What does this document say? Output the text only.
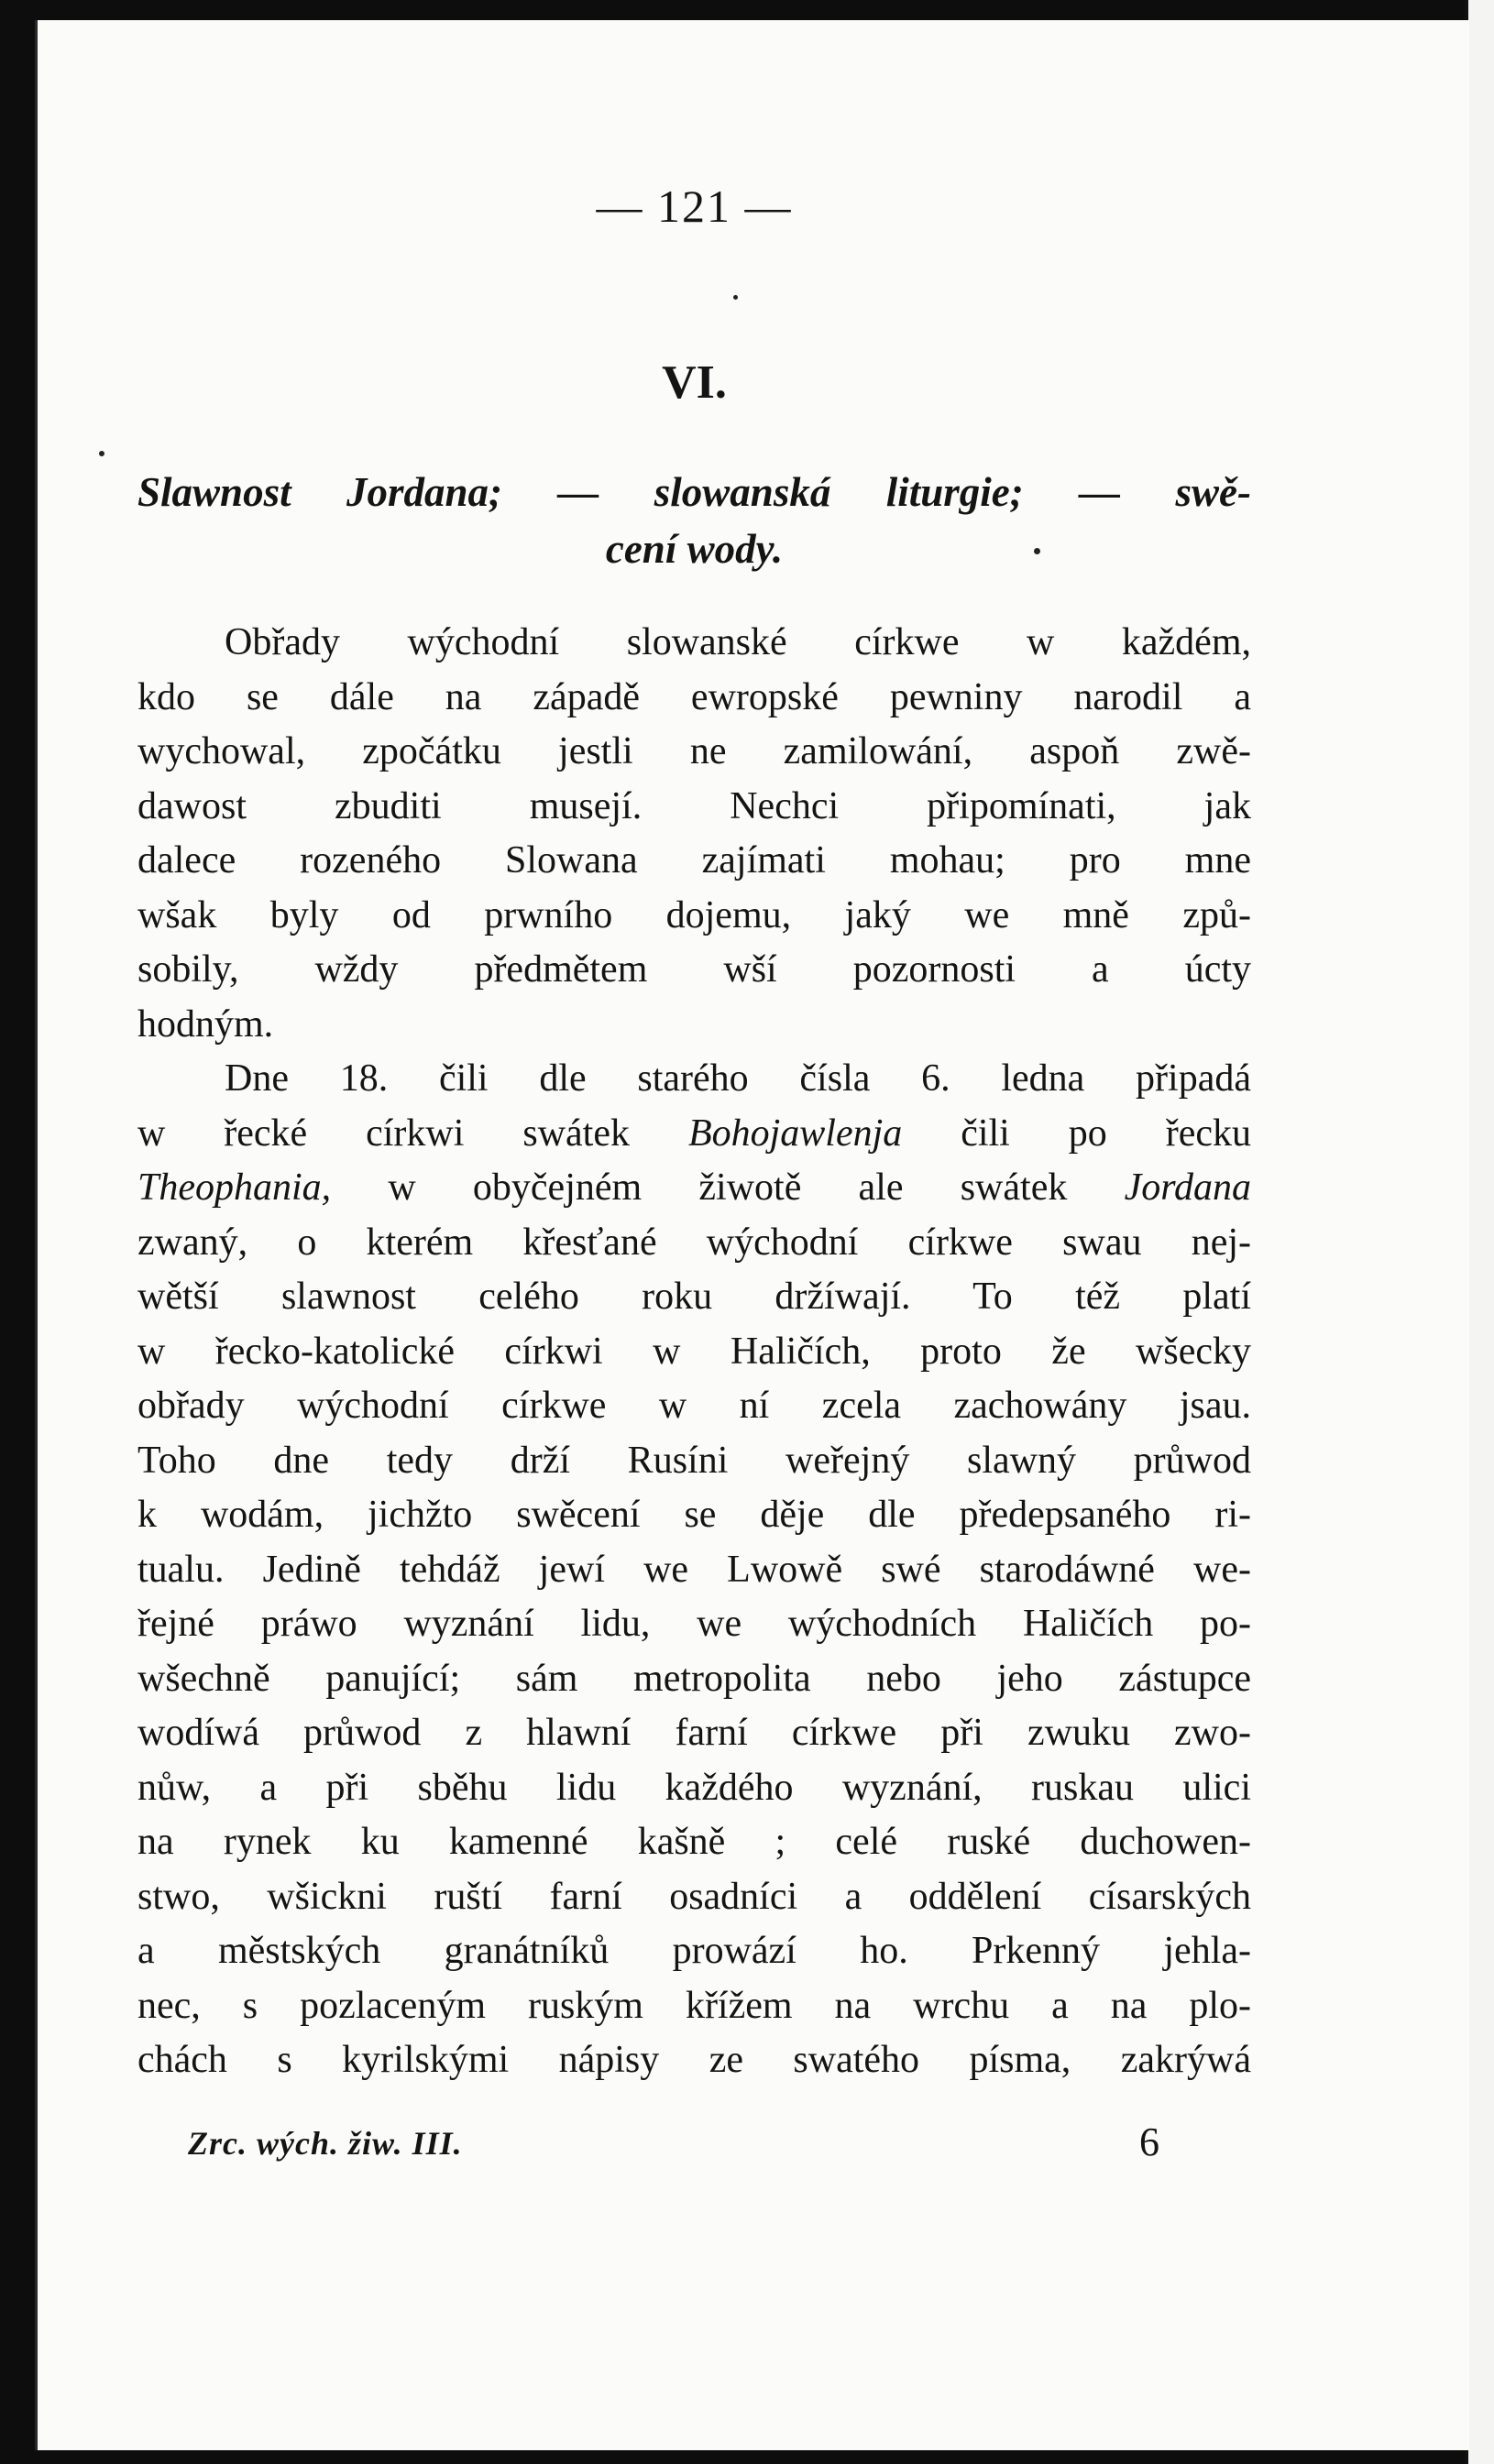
— 121 —
VI.
Slawnost Jordana; — slowanská liturgie; — swě-
cení wody.
Obřady wýchodní slowanské církwe w každém,
kdo se dále na západě ewropské pewniny narodil a
wychowal, zpočátku jestli ne zamilowání, aspoň zwě-
dawost zbuditi musejí. Nechci připomínati, jak
dalece rozeného Slowana zajímati mohau; pro mne
wšak byly od prwního dojemu, jaký we mně způ-
sobily, wždy předmětem wší pozornosti a úcty
hodným.
Dne 18. čili dle starého čísla 6. ledna připadá
w řecké církwi swátek Bohojawlenja čili po řecku
Theophania, w obyčejném žiwotě ale swátek Jordana
zwaný, o kterém křesťané wýchodní církwe swau nej-
wětší slawnost celého roku držíwají. To též platí
w řecko-katolické církwi w Haličích, proto že wšecky
obřady wýchodní církwe w ní zcela zachowány jsau.
Toho dne tedy drží Rusíni weřejný slawný průwod
k wodám, jichžto swěcení se děje dle předepsaného ri-
tualu. Jedině tehdáž jewí we Lwowě swé starodáwné we-
řejné práwo wyznání lidu, we wýchodních Haličích po-
wšechně panující; sám metropolita nebo jeho zástupce
wodíwá průwod z hlawní farní církwe při zwuku zwo-
nůw, a při sběhu lidu každého wyznání, ruskau ulici
na rynek ku kamenné kašně ; celé ruské duchowen-
stwo, wšickni ruští farní osadníci a oddělení císarských
a městských granátníků prowází ho. Prkenný jehla-
nec, s pozlaceným ruským křížem na wrchu a na plo-
chách s kyrilskými nápisy ze swatého písma, zakrýwá
Zrc. wých. žiw. III.	6
